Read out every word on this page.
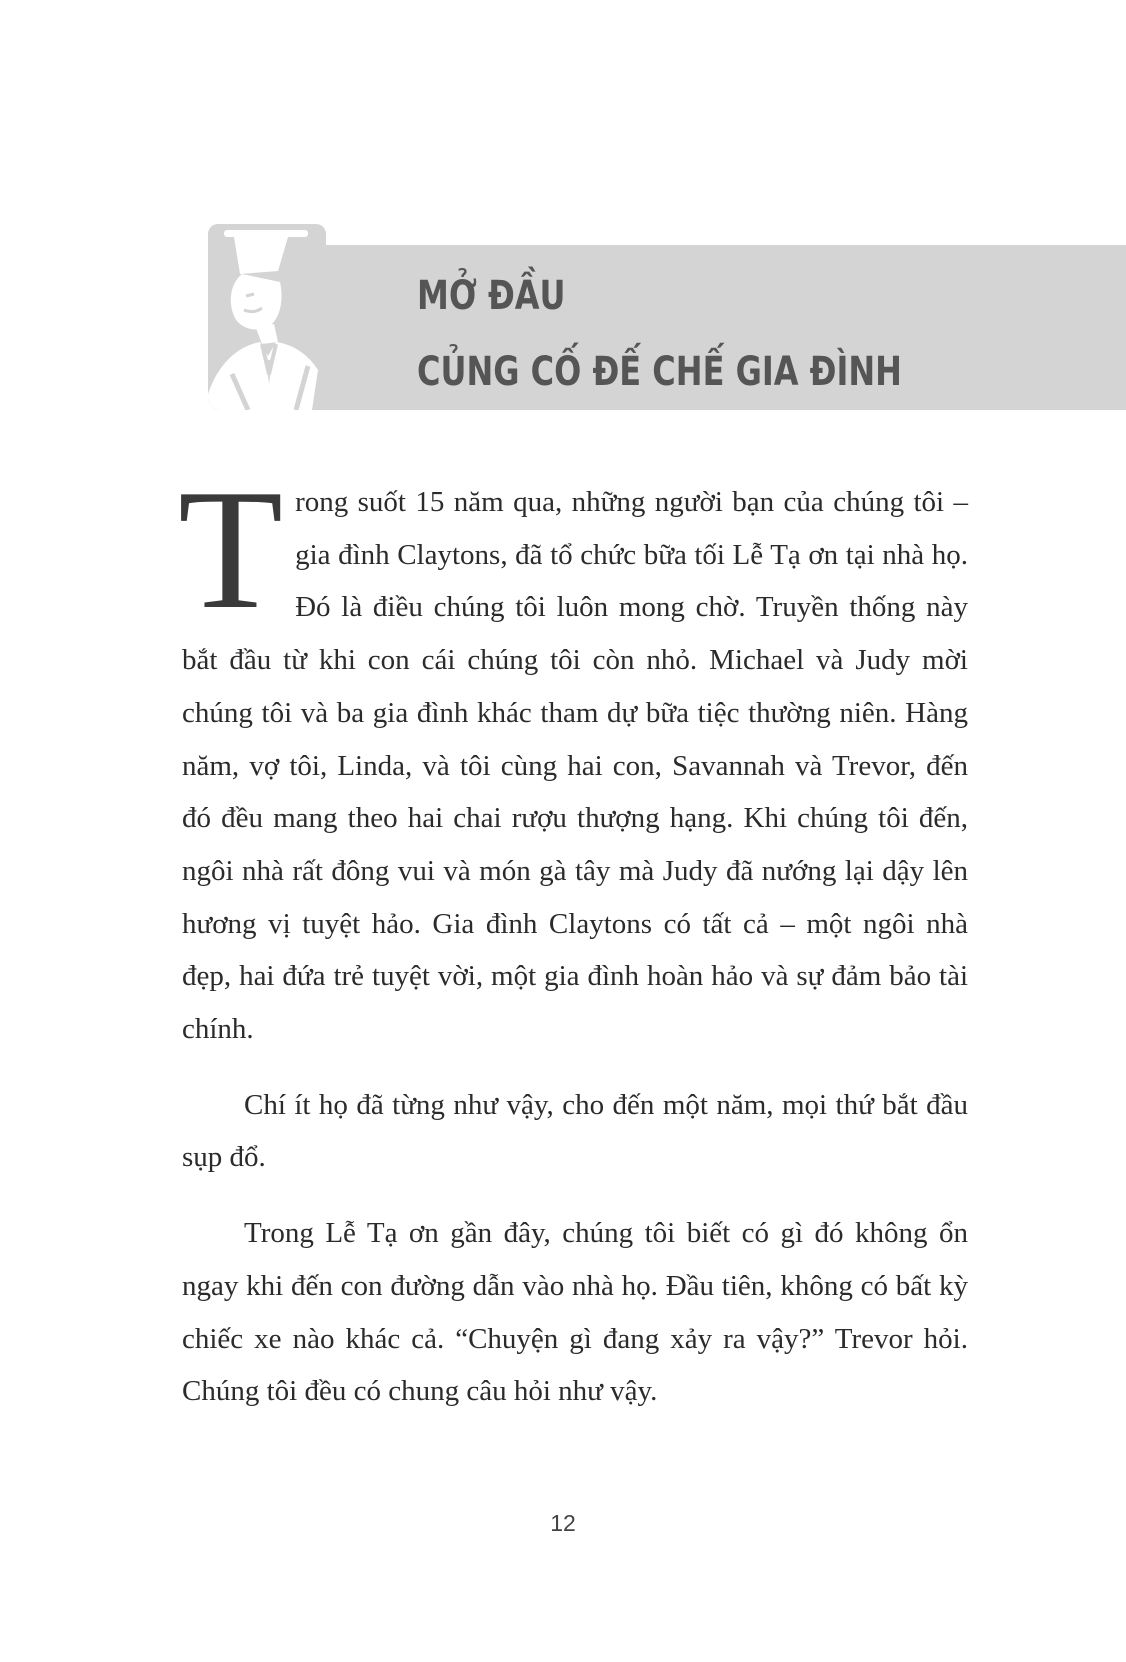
MỞ ĐẦU
CỦNG CỐ ĐẾ CHẾ GIA ĐÌNH

T rong suốt 15 năm qua, những người bạn của chúng tôi – gia đình Claytons, đã tổ chức bữa tối Lễ Tạ ơn tại nhà họ. Đó là điều chúng tôi luôn mong chờ. Truyền thống này bắt đầu từ khi con cái chúng tôi còn nhỏ. Michael và Judy mời chúng tôi và ba gia đình khác tham dự bữa tiệc thường niên. Hàng năm, vợ tôi, Linda, và tôi cùng hai con, Savannah và Trevor, đến đó đều mang theo hai chai rượu thượng hạng. Khi chúng tôi đến, ngôi nhà rất đông vui và món gà tây mà Judy đã nướng lại dậy lên hương vị tuyệt hảo. Gia đình Claytons có tất cả – một ngôi nhà đẹp, hai đứa trẻ tuyệt vời, một gia đình hoàn hảo và sự đảm bảo tài chính.

Chí ít họ đã từng như vậy, cho đến một năm, mọi thứ bắt đầu sụp đổ.

Trong Lễ Tạ ơn gần đây, chúng tôi biết có gì đó không ổn ngay khi đến con đường dẫn vào nhà họ. Đầu tiên, không có bất kỳ chiếc xe nào khác cả. “Chuyện gì đang xảy ra vậy?” Trevor hỏi. Chúng tôi đều có chung câu hỏi như vậy.

12
